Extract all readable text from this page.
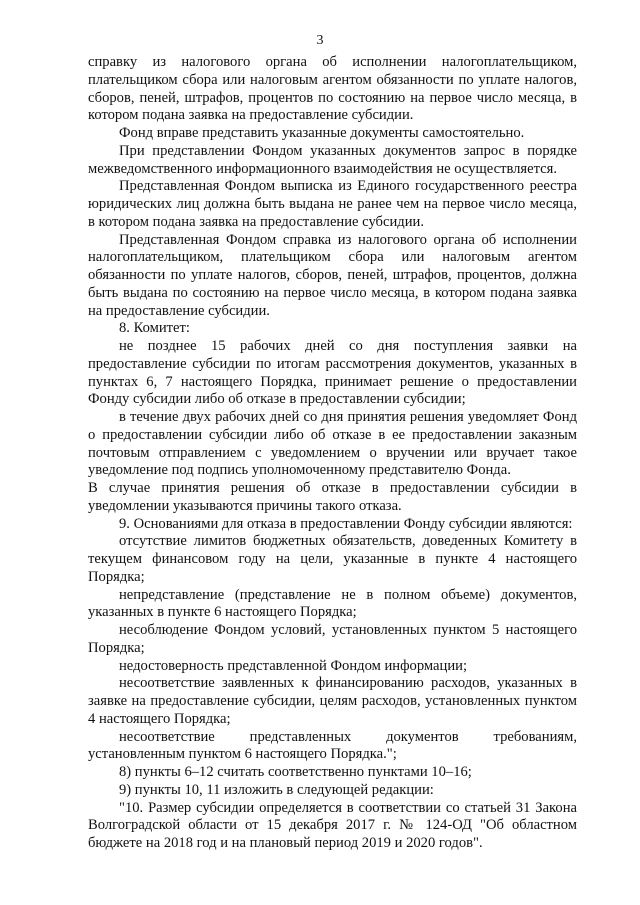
3

справку из налогового органа об исполнении налогоплательщиком, плательщиком сбора или налоговым агентом обязанности по уплате налогов, сборов, пеней, штрафов, процентов по состоянию на первое число месяца, в котором подана заявка на предоставление субсидии.

Фонд вправе представить указанные документы самостоятельно.

При представлении Фондом указанных документов запрос в порядке межведомственного информационного взаимодействия не осуществляется.

Представленная Фондом выписка из Единого государственного реестра юридических лиц должна быть выдана не ранее чем на первое число месяца, в котором подана заявка на предоставление субсидии.

Представленная Фондом справка из налогового органа об исполнении налогоплательщиком, плательщиком сбора или налоговым агентом обязанности по уплате налогов, сборов, пеней, штрафов, процентов, должна быть выдана по состоянию на первое число месяца, в котором подана заявка на предоставление субсидии.

8. Комитет:

не позднее 15 рабочих дней со дня поступления заявки на предоставление субсидии по итогам рассмотрения документов, указанных в пунктах 6, 7 настоящего Порядка, принимает решение о предоставлении Фонду субсидии либо об отказе в предоставлении субсидии;

в течение двух рабочих дней со дня принятия решения уведомляет Фонд о предоставлении субсидии либо об отказе в ее предоставлении заказным почтовым отправлением с уведомлением о вручении или вручает такое уведомление под подпись уполномоченному представителю Фонда.

В случае принятия решения об отказе в предоставлении субсидии в уведомлении указываются причины такого отказа.

9. Основаниями для отказа в предоставлении Фонду субсидии являются:

отсутствие лимитов бюджетных обязательств, доведенных Комитету в текущем финансовом году на цели, указанные в пункте 4 настоящего Порядка;

непредставление (представление не в полном объеме) документов, указанных в пункте 6 настоящего Порядка;

несоблюдение Фондом условий, установленных пунктом 5 настоящего Порядка;

недостоверность представленной Фондом информации;

несоответствие заявленных к финансированию расходов, указанных в заявке на предоставление субсидии, целям расходов, установленных пунктом 4 настоящего Порядка;

несоответствие представленных документов требованиям, установленным пунктом 6 настоящего Порядка.";

8) пункты 6–12 считать соответственно пунктами 10–16;

9) пункты 10, 11 изложить в следующей редакции:

"10. Размер субсидии определяется в соответствии со статьей 31 Закона Волгоградской области от 15 декабря 2017 г. № 124-ОД "Об областном бюджете на 2018 год и на плановый период 2019 и 2020 годов".
